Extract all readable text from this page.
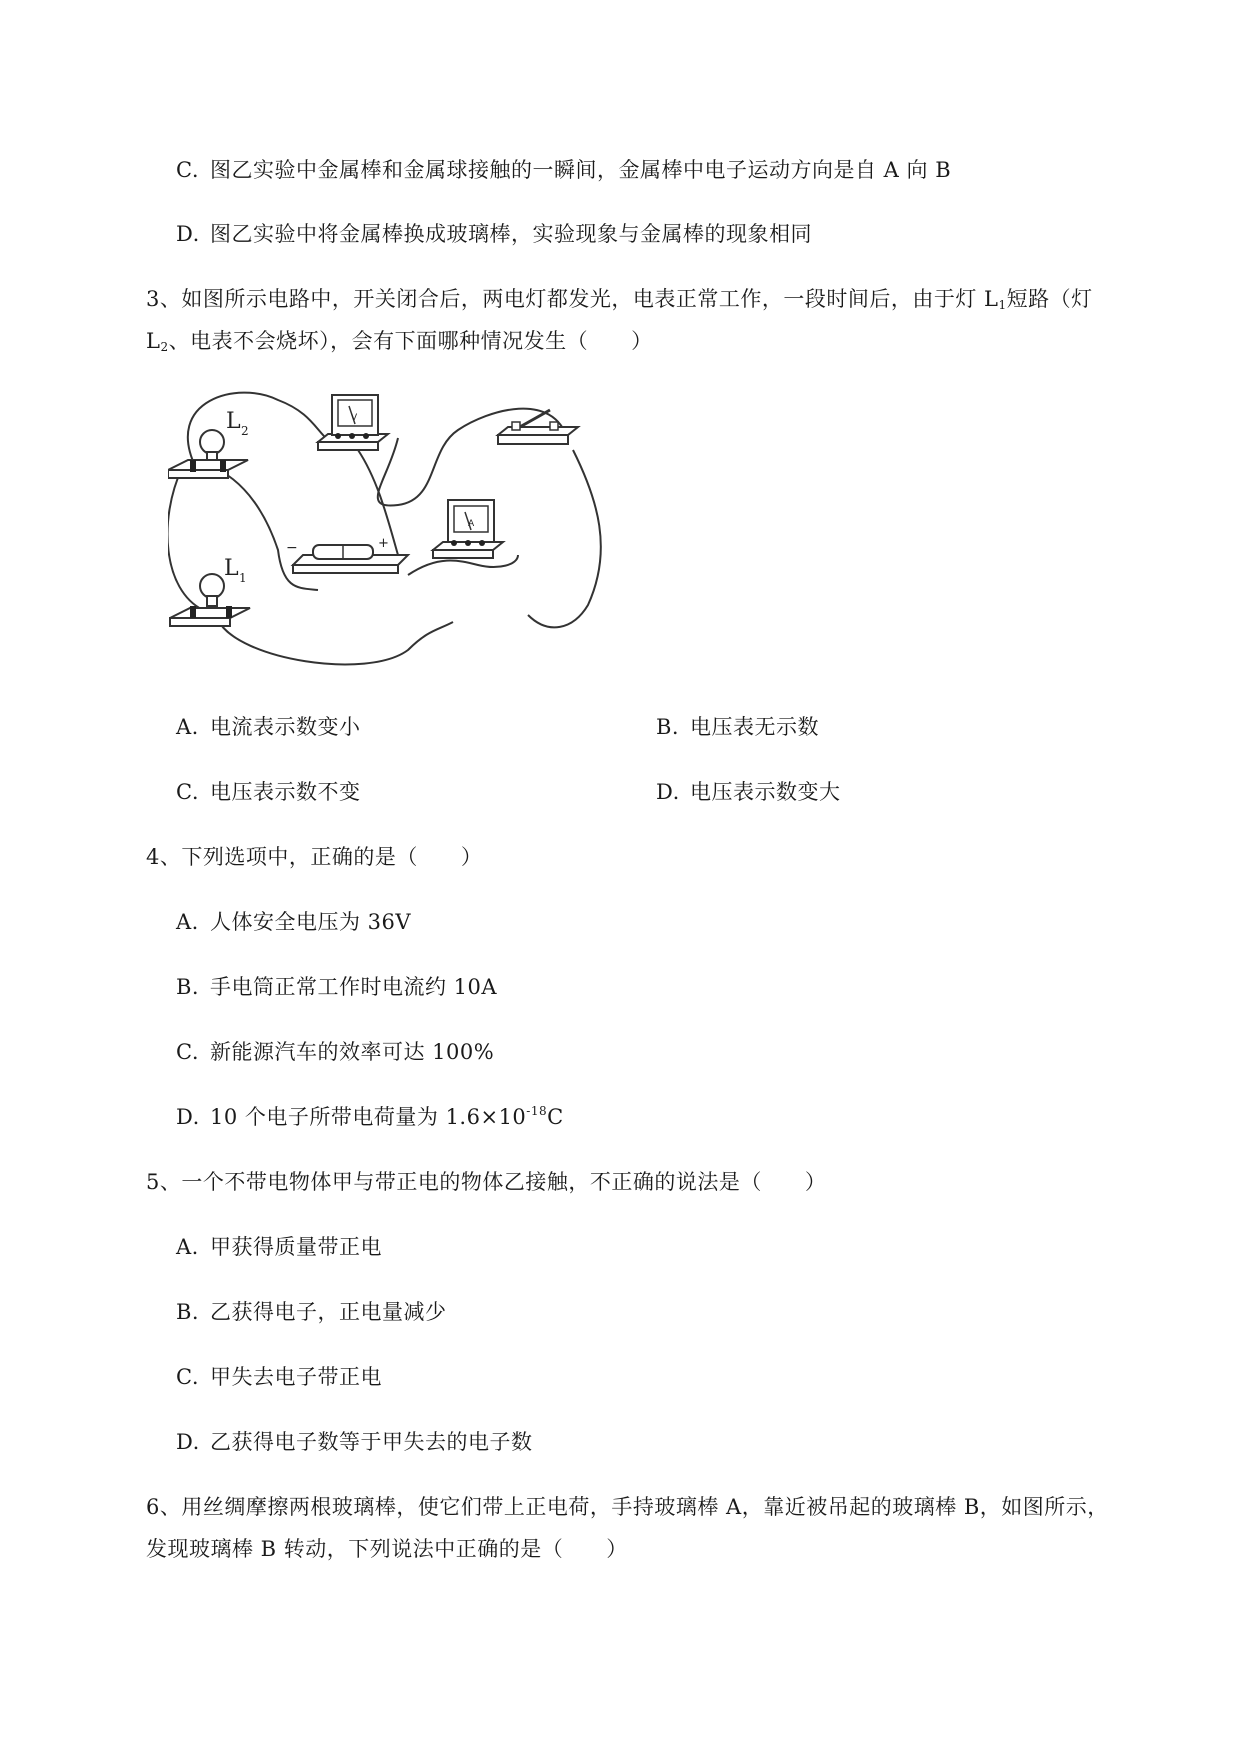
C. 图乙实验中金属棒和金属球接触的一瞬间，金属棒中电子运动方向是自 A 向 B
D. 图乙实验中将金属棒换成玻璃棒，实验现象与金属棒的现象相同
3、如图所示电路中，开关闭合后，两电灯都发光，电表正常工作，一段时间后，由于灯 $L_1$短路（灯
$L_2$、电表不会烧坏），会有下面哪种情况发生（　　）
L 2
L 1
V
−	+
A
A. 电流表示数变小	B. 电压表无示数
C. 电压表示数不变	D. 电压表示数变大
4、下列选项中，正确的是（　　）
A. 人体安全电压为 36V
B. 手电筒正常工作时电流约 10A
C. 新能源汽车的效率可达 100%
D. 10 个电子所带电荷量为 $1.6\times 10^{-18}C$
5、一个不带电物体甲与带正电的物体乙接触，不正确的说法是（　　）
A. 甲获得质量带正电
B. 乙获得电子，正电量减少
C. 甲失去电子带正电
D. 乙获得电子数等于甲失去的电子数
6、用丝绸摩擦两根玻璃棒，使它们带上正电荷，手持玻璃棒 A，靠近被吊起的玻璃棒 B，如图所示，
发现玻璃棒 B 转动，下列说法中正确的是（　　）
